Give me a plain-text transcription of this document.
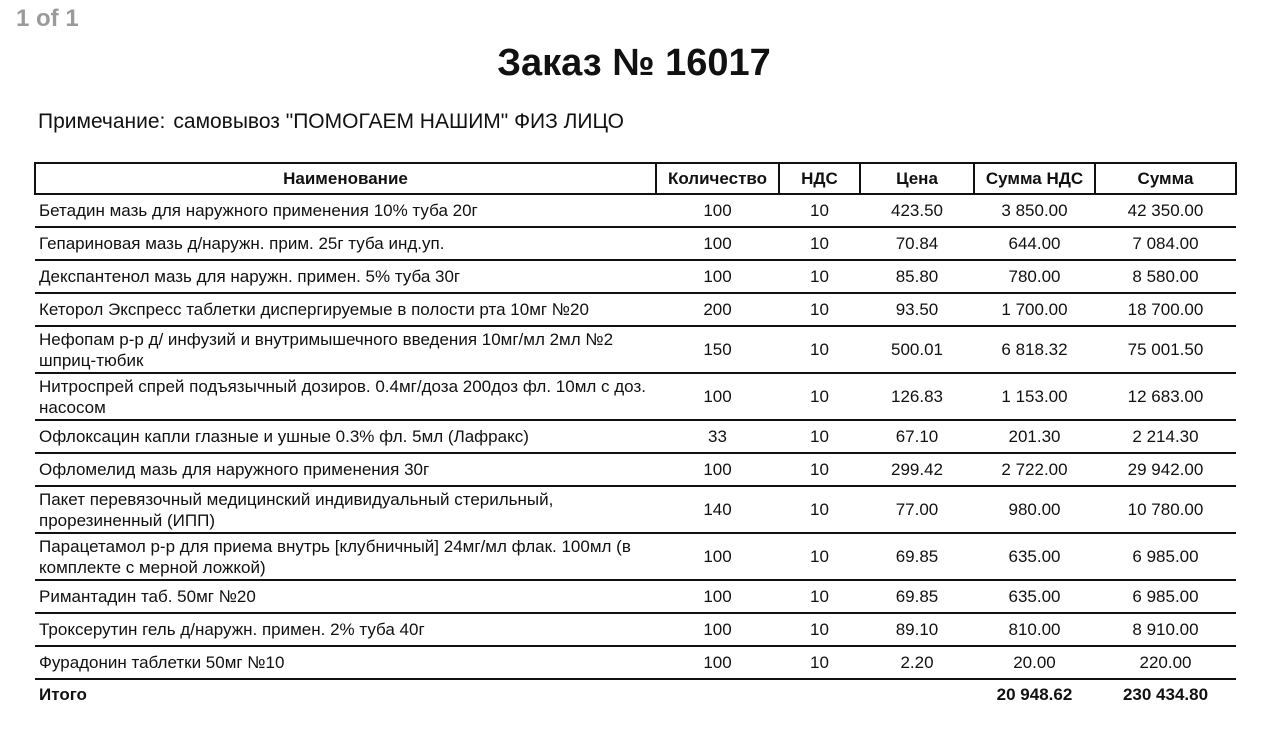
1 of 1
Заказ № 16017
Примечание: самовывоз "ПОМОГАЕМ НАШИМ" ФИЗ ЛИЦО
Наименование	Количество	НДС	Цена	Сумма НДС	Сумма
Бетадин мазь для наружного применения 10% туба 20г	100	10	423.50	3 850.00	42 350.00
Гепариновая мазь д/наружн. прим. 25г туба инд.уп.	100	10	70.84	644.00	7 084.00
Декспантенол мазь для наружн. примен. 5% туба 30г	100	10	85.80	780.00	8 580.00
Кеторол Экспресс таблетки диспергируемые в полости рта 10мг №20	200	10	93.50	1 700.00	18 700.00
Нефопам р-р д/ инфузий и внутримышечного введения 10мг/мл 2мл №2 шприц-тюбик	150	10	500.01	6 818.32	75 001.50
Нитроспрей спрей подъязычный дозиров. 0.4мг/доза 200доз фл. 10мл с доз. насосом	100	10	126.83	1 153.00	12 683.00
Офлоксацин капли глазные и ушные 0.3% фл. 5мл (Лафракс)	33	10	67.10	201.30	2 214.30
Офломелид мазь для наружного применения 30г	100	10	299.42	2 722.00	29 942.00
Пакет перевязочный медицинский индивидуальный стерильный, прорезиненный (ИПП)	140	10	77.00	980.00	10 780.00
Парацетамол р-р для приема внутрь [клубничный] 24мг/мл флак. 100мл (в комплекте с мерной ложкой)	100	10	69.85	635.00	6 985.00
Римантадин таб. 50мг №20	100	10	69.85	635.00	6 985.00
Троксерутин гель д/наружн. примен. 2% туба 40г	100	10	89.10	810.00	8 910.00
Фурадонин таблетки 50мг №10	100	10	2.20	20.00	220.00
Итого				20 948.62	230 434.80
